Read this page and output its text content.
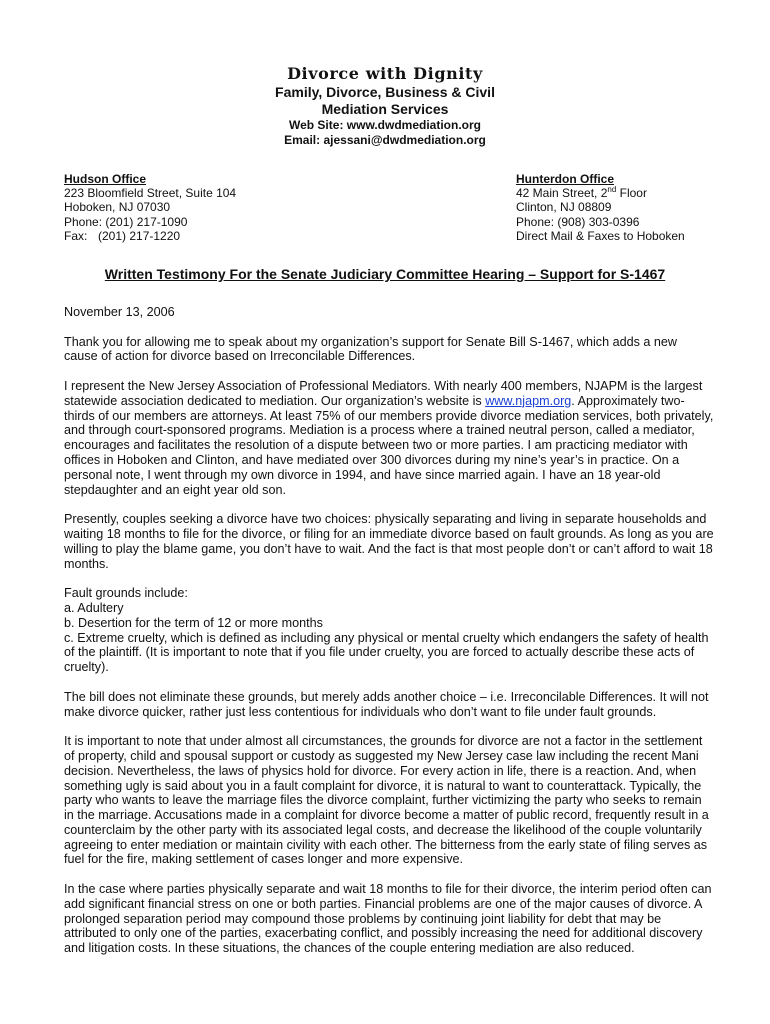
Divorce with Dignity

Family, Divorce, Business & Civil

Mediation Services

Web Site: www.dwdmediation.org

Email: ajessani@dwdmediation.org

Hudson Office
223 Bloomfield Street, Suite 104
Hoboken, NJ 07030
Phone: (201) 217-1090
Fax: (201) 217-1220
Hunterdon Office
42 Main Street, 2nd Floor
Clinton, NJ 08809
Phone: (908) 303-0396
Direct Mail & Faxes to Hoboken
Written Testimony For the Senate Judiciary Committee Hearing – Support for S-1467

November 13, 2006

Thank you for allowing me to speak about my organization’s support for Senate Bill S-1467, which adds a new cause of action for divorce based on Irreconcilable Differences.

I represent the New Jersey Association of Professional Mediators. With nearly 400 members, NJAPM is the largest statewide association dedicated to mediation. Our organization’s website is www.njapm.org. Approximately two-thirds of our members are attorneys. At least 75% of our members provide divorce mediation services, both privately, and through court-sponsored programs. Mediation is a process where a trained neutral person, called a mediator, encourages and facilitates the resolution of a dispute between two or more parties. I am practicing mediator with offices in Hoboken and Clinton, and have mediated over 300 divorces during my nine’s year’s in practice. On a personal note, I went through my own divorce in 1994, and have since married again. I have an 18 year-old stepdaughter and an eight year old son.

Presently, couples seeking a divorce have two choices: physically separating and living in separate households and waiting 18 months to file for the divorce, or filing for an immediate divorce based on fault grounds. As long as you are willing to play the blame game, you don’t have to wait. And the fact is that most people don’t or can’t afford to wait 18 months.

Fault grounds include:
a. Adultery
b. Desertion for the term of 12 or more months
c. Extreme cruelty, which is defined as including any physical or mental cruelty which endangers the safety of health of the plaintiff. (It is important to note that if you file under cruelty, you are forced to actually describe these acts of cruelty).

The bill does not eliminate these grounds, but merely adds another choice – i.e. Irreconcilable Differences. It will not make divorce quicker, rather just less contentious for individuals who don’t want to file under fault grounds.

It is important to note that under almost all circumstances, the grounds for divorce are not a factor in the settlement of property, child and spousal support or custody as suggested my New Jersey case law including the recent Mani decision. Nevertheless, the laws of physics hold for divorce. For every action in life, there is a reaction. And, when something ugly is said about you in a fault complaint for divorce, it is natural to want to counterattack. Typically, the party who wants to leave the marriage files the divorce complaint, further victimizing the party who seeks to remain in the marriage. Accusations made in a complaint for divorce become a matter of public record, frequently result in a counterclaim by the other party with its associated legal costs, and decrease the likelihood of the couple voluntarily agreeing to enter mediation or maintain civility with each other. The bitterness from the early state of filing serves as fuel for the fire, making settlement of cases longer and more expensive.

In the case where parties physically separate and wait 18 months to file for their divorce, the interim period often can add significant financial stress on one or both parties. Financial problems are one of the major causes of divorce. A prolonged separation period may compound those problems by continuing joint liability for debt that may be attributed to only one of the parties, exacerbating conflict, and possibly increasing the need for additional discovery and litigation costs. In these situations, the chances of the couple entering mediation are also reduced.
